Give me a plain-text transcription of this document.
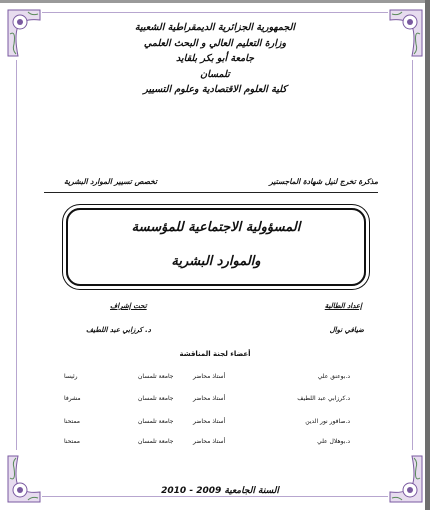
الجمهورية الجزائرية الديمقراطية الشعبية

وزارة التعليم العالي و البحث العلمي

جامعة أبو بكر بلقايد

تلمسان

كلية العلوم الاقتصادية وعلوم التسيير

تخصص تسيير الموارد البشرية	مذكرة تخرج لنيل شهادة الماجستير
المسؤولية الاجتماعية للمؤسسة
والموارد البشرية
إعداد الطالبة
تحت إشراف
ضيافي نوال
د. كرزابي عبد اللطيف
أعضاء لجنة المناقشة
د.بوعنق علي
أستاذ محاضر
جامعة تلمسان
رئيسا
د.كرزابي عبد اللطيف
أستاذ محاضر
جامعة تلمسان
مشرفا
د.صافور نور الدين
أستاذ محاضر
جامعة تلمسان
ممتحنا
د.بوهلال علي
أستاذ محاضر
جامعة تلمسان
ممتحنا
السنة الجامعية 2009 - 2010
